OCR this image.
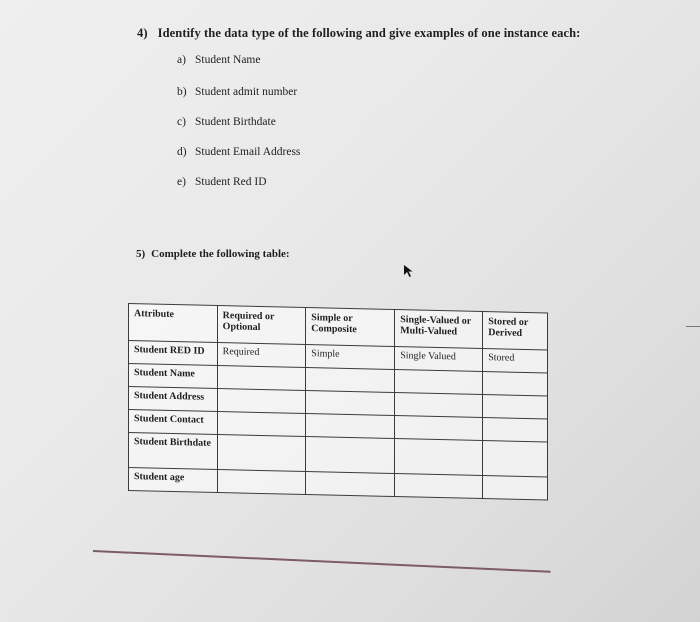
4) Identify the data type of the following and give examples of one instance each:
a) Student Name
b) Student admit number
c) Student Birthdate
d) Student Email Address
e) Student Red ID
5) Complete the following table:
Attribute	Required or Optional	Simple or Composite	Single-Valued or Multi-Valued	Stored or Derived
Student RED ID	Required	Simple	Single Valued	Stored
Student Name				
Student Address				
Student Contact				
Student Birthdate				
Student age				
